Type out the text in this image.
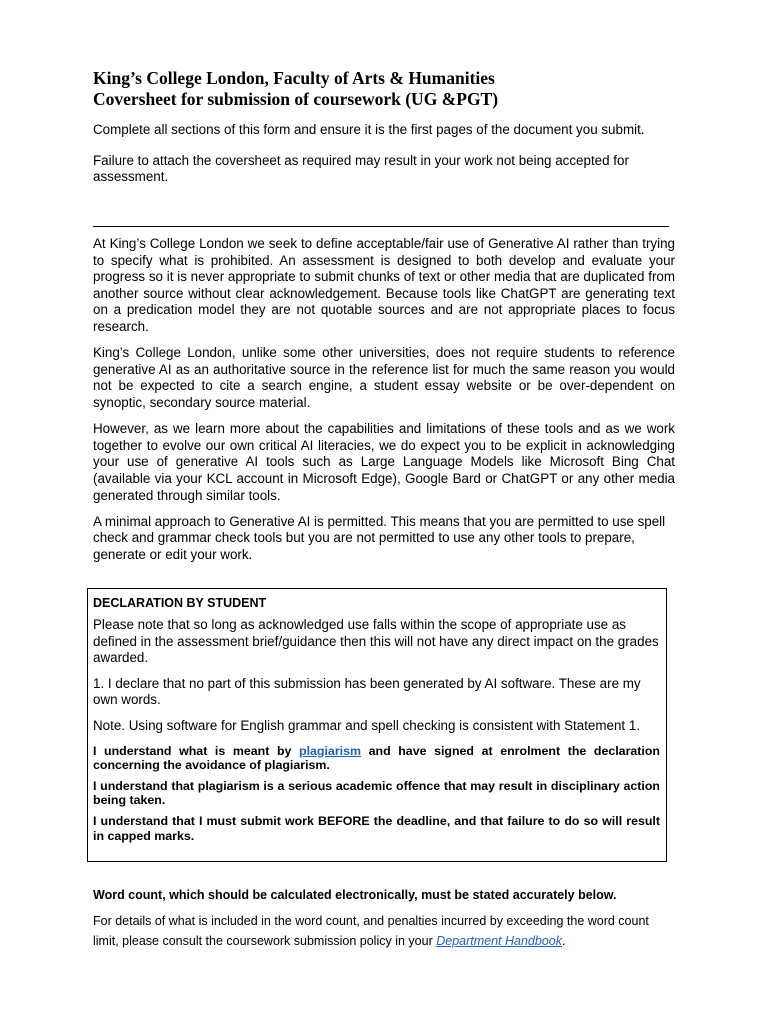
King’s College London, Faculty of Arts & Humanities
Coversheet for submission of coursework (UG &PGT)

Complete all sections of this form and ensure it is the first pages of the document you submit.

Failure to attach the coversheet as required may result in your work not being accepted for assessment.

At King’s College London we seek to define acceptable/fair use of Generative AI rather than trying to specify what is prohibited. An assessment is designed to both develop and evaluate your progress so it is never appropriate to submit chunks of text or other media that are duplicated from another source without clear acknowledgement. Because tools like ChatGPT are generating text on a predication model they are not quotable sources and are not appropriate places to focus research.

King’s College London, unlike some other universities, does not require students to reference generative AI as an authoritative source in the reference list for much the same reason you would not be expected to cite a search engine, a student essay website or be over-dependent on synoptic, secondary source material.

However, as we learn more about the capabilities and limitations of these tools and as we work together to evolve our own critical AI literacies, we do expect you to be explicit in acknowledging your use of generative AI tools such as Large Language Models like Microsoft Bing Chat (available via your KCL account in Microsoft Edge), Google Bard or ChatGPT or any other media generated through similar tools.

A minimal approach to Generative AI is permitted. This means that you are permitted to use spell check and grammar check tools but you are not permitted to use any other tools to prepare, generate or edit your work.

DECLARATION BY STUDENT

Please note that so long as acknowledged use falls within the scope of appropriate use as defined in the assessment brief/guidance then this will not have any direct impact on the grades awarded.

1. I declare that no part of this submission has been generated by AI software. These are my own words.

Note. Using software for English grammar and spell checking is consistent with Statement 1.

I understand what is meant by plagiarism and have signed at enrolment the declaration concerning the avoidance of plagiarism.

I understand that plagiarism is a serious academic offence that may result in disciplinary action being taken.

I understand that I must submit work BEFORE the deadline, and that failure to do so will result in capped marks.

Word count, which should be calculated electronically, must be stated accurately below.

For details of what is included in the word count, and penalties incurred by exceeding the word count limit, please consult the coursework submission policy in your Department Handbook.
